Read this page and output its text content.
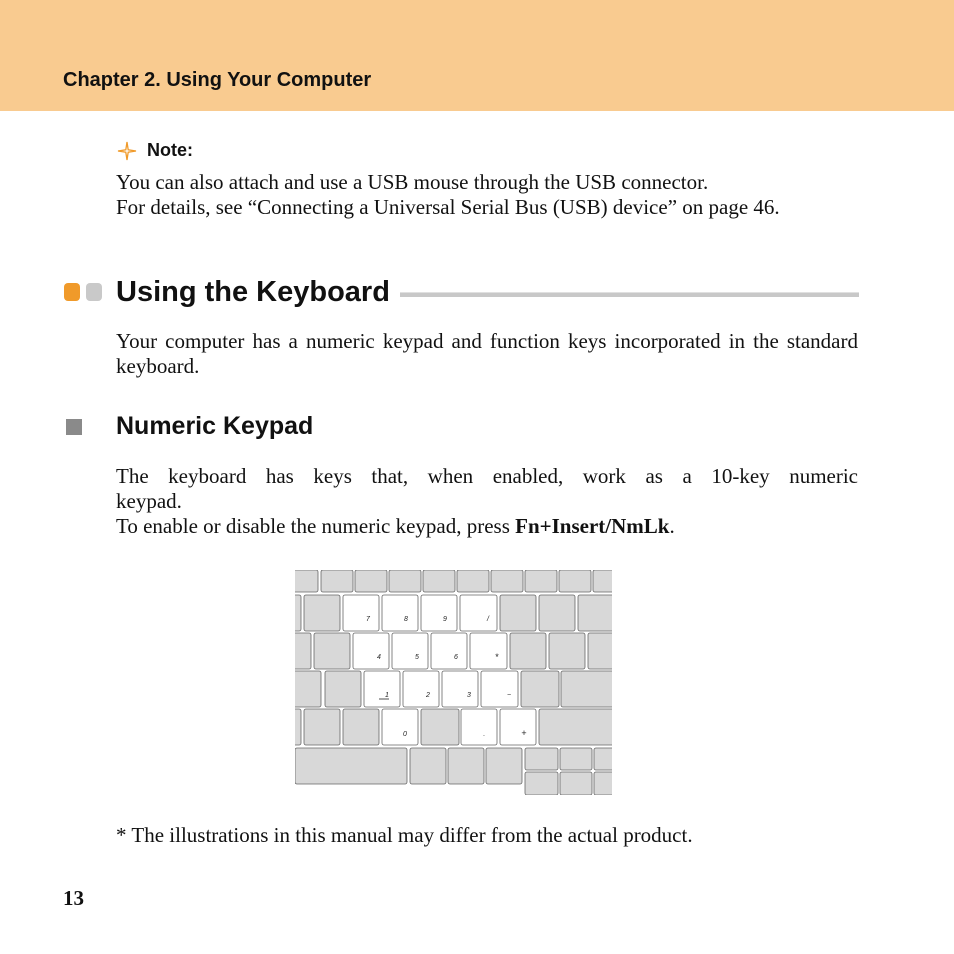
Chapter 2. Using Your Computer
Note:
You can also attach and use a USB mouse through the USB connector.
For details, see “Connecting a Universal Serial Bus (USB) device” on page 46.
Using the Keyboard
Your computer has a numeric keypad and function keys incorporated in the standard keyboard.
Numeric Keypad
The keyboard has keys that, when enabled, work as a 10-key numeric
keypad.
To enable or disable the numeric keypad, press Fn+Insert/NmLk.
7	8	9	/
4	5	6	*
1	2	3	−
0	.	+
* The illustrations in this manual may differ from the actual product.
13
